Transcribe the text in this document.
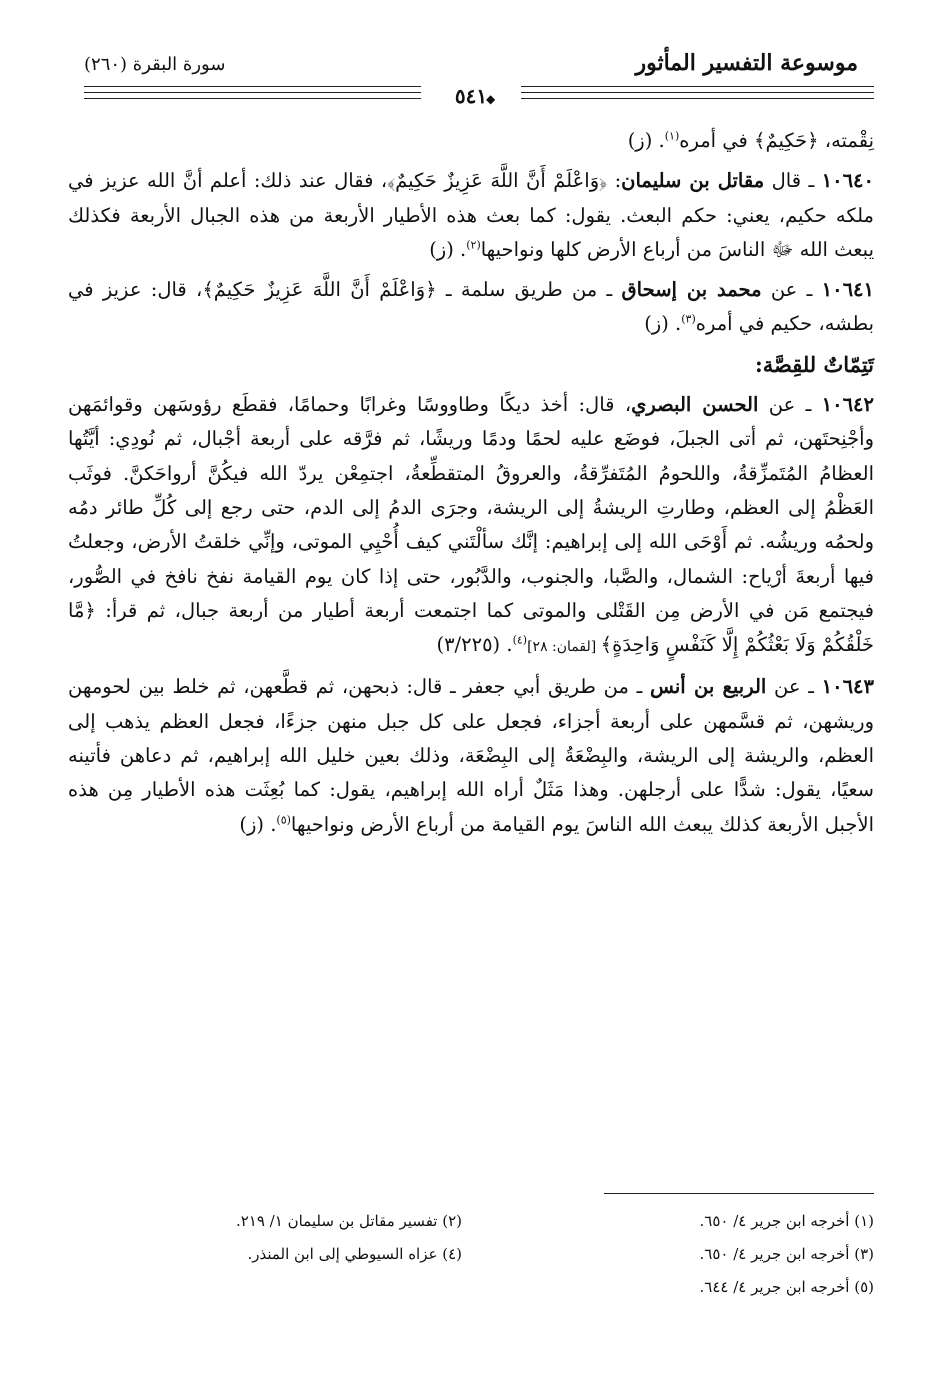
موسوعة التفسير المأثور
سورة البقرة (٢٦٠)
٥٤١
◆

نِقْمته، ﴿حَكِيمٌ﴾ في أمره$^{(١)}$. (ز)

١٠٦٤٠ ـ قال مقاتل بن سليمان: ﴿وَاعْلَمْ أَنَّ اللَّهَ عَزِيزٌ حَكِيمٌ﴾، فقال عند ذلك: أعلم أنَّ الله عزيز في ملكه حكيم، يعني: حكم البعث. يقول: كما بعث هذه الأطيار الأربعة من هذه الجبال الأربعة فكذلك يبعث الله ﷻ الناسَ من أرباع الأرض كلها ونواحيها$^{(٢)}$. (ز)

١٠٦٤١ ـ عن محمد بن إسحاق ـ من طريق سلمة ـ ﴿وَاعْلَمْ أَنَّ اللَّهَ عَزِيزٌ حَكِيمٌ﴾، قال: عزيز في بطشه، حكيم في أمره$^{(٣)}$. (ز)

تَتِمّاتٌ للقِصَّة:

١٠٦٤٢ ـ عن الحسن البصري، قال: أخذ ديكًا وطاووسًا وغرابًا وحمامًا، فقطَع رؤوسَهن وقوائمَهن وأجْنِحتَهن، ثم أتى الجبلَ، فوضَع عليه لحمًا ودمًا وريشًا، ثم فرَّقه على أربعة أجْبال، ثم نُودِي: أيَّتُها العظامُ المُتَمزِّقةُ، واللحومُ المُتَفرِّقةُ، والعروقُ المتقطِّعةُ، اجتمِعْن يردّ الله فيكُنَّ أرواحَكنَّ. فوثَب العَظْمُ إلى العظم، وطارتِ الريشةُ إلى الريشة، وجرَى الدمُ إلى الدم، حتى رجع إلى كُلِّ طائر دمُه ولحمُه وريشُه. ثم أَوْحَى الله إلى إبراهيم: إنَّك سألْتَني كيف أُحْيِي الموتى، وإنِّي خلقتُ الأرض، وجعلتُ فيها أربعةَ أرْياح: الشمال، والصَّبا، والجنوب، والدَّبُور، حتى إذا كان يوم القيامة نفخ نافخ في الصُّور، فيجتمع مَن في الأرض مِن القَتْلى والموتى كما اجتمعت أربعة أطيار من أربعة جبال، ثم قرأ: ﴿مَّا خَلْقُكُمْ وَلَا بَعْثُكُمْ إِلَّا كَنَفْسٍ وَاحِدَةٍ﴾ [لقمان: ٢٨]$^{(٤)}$. (٣/٢٢٥)

١٠٦٤٣ ـ عن الربيع بن أنس ـ من طريق أبي جعفر ـ قال: ذبحهن، ثم قطَّعهن، ثم خلط بين لحومهن وريشهن، ثم قسَّمهن على أربعة أجزاء، فجعل على كل جبل منهن جزءًا، فجعل العظم يذهب إلى العظم، والريشة إلى الريشة، والبِضْعَةُ إلى البِضْعَة، وذلك بعين خليل الله إبراهيم، ثم دعاهن فأتينه سعيًا، يقول: شدًّا على أرجلهن. وهذا مَثَلٌ أراه الله إبراهيم، يقول: كما بُعِثَت هذه الأطيار مِن هذه الأجبل الأربعة كذلك يبعث الله الناسَ يوم القيامة من أرباع الأرض ونواحيها$^{(٥)}$. (ز)

(١) أخرجه ابن جرير ٤/ ٦٥٠.
(٢) تفسير مقاتل بن سليمان ١/ ٢١٩.
(٣) أخرجه ابن جرير ٤/ ٦٥٠.
(٤) عزاه السيوطي إلى ابن المنذر.
(٥) أخرجه ابن جرير ٤/ ٦٤٤.
